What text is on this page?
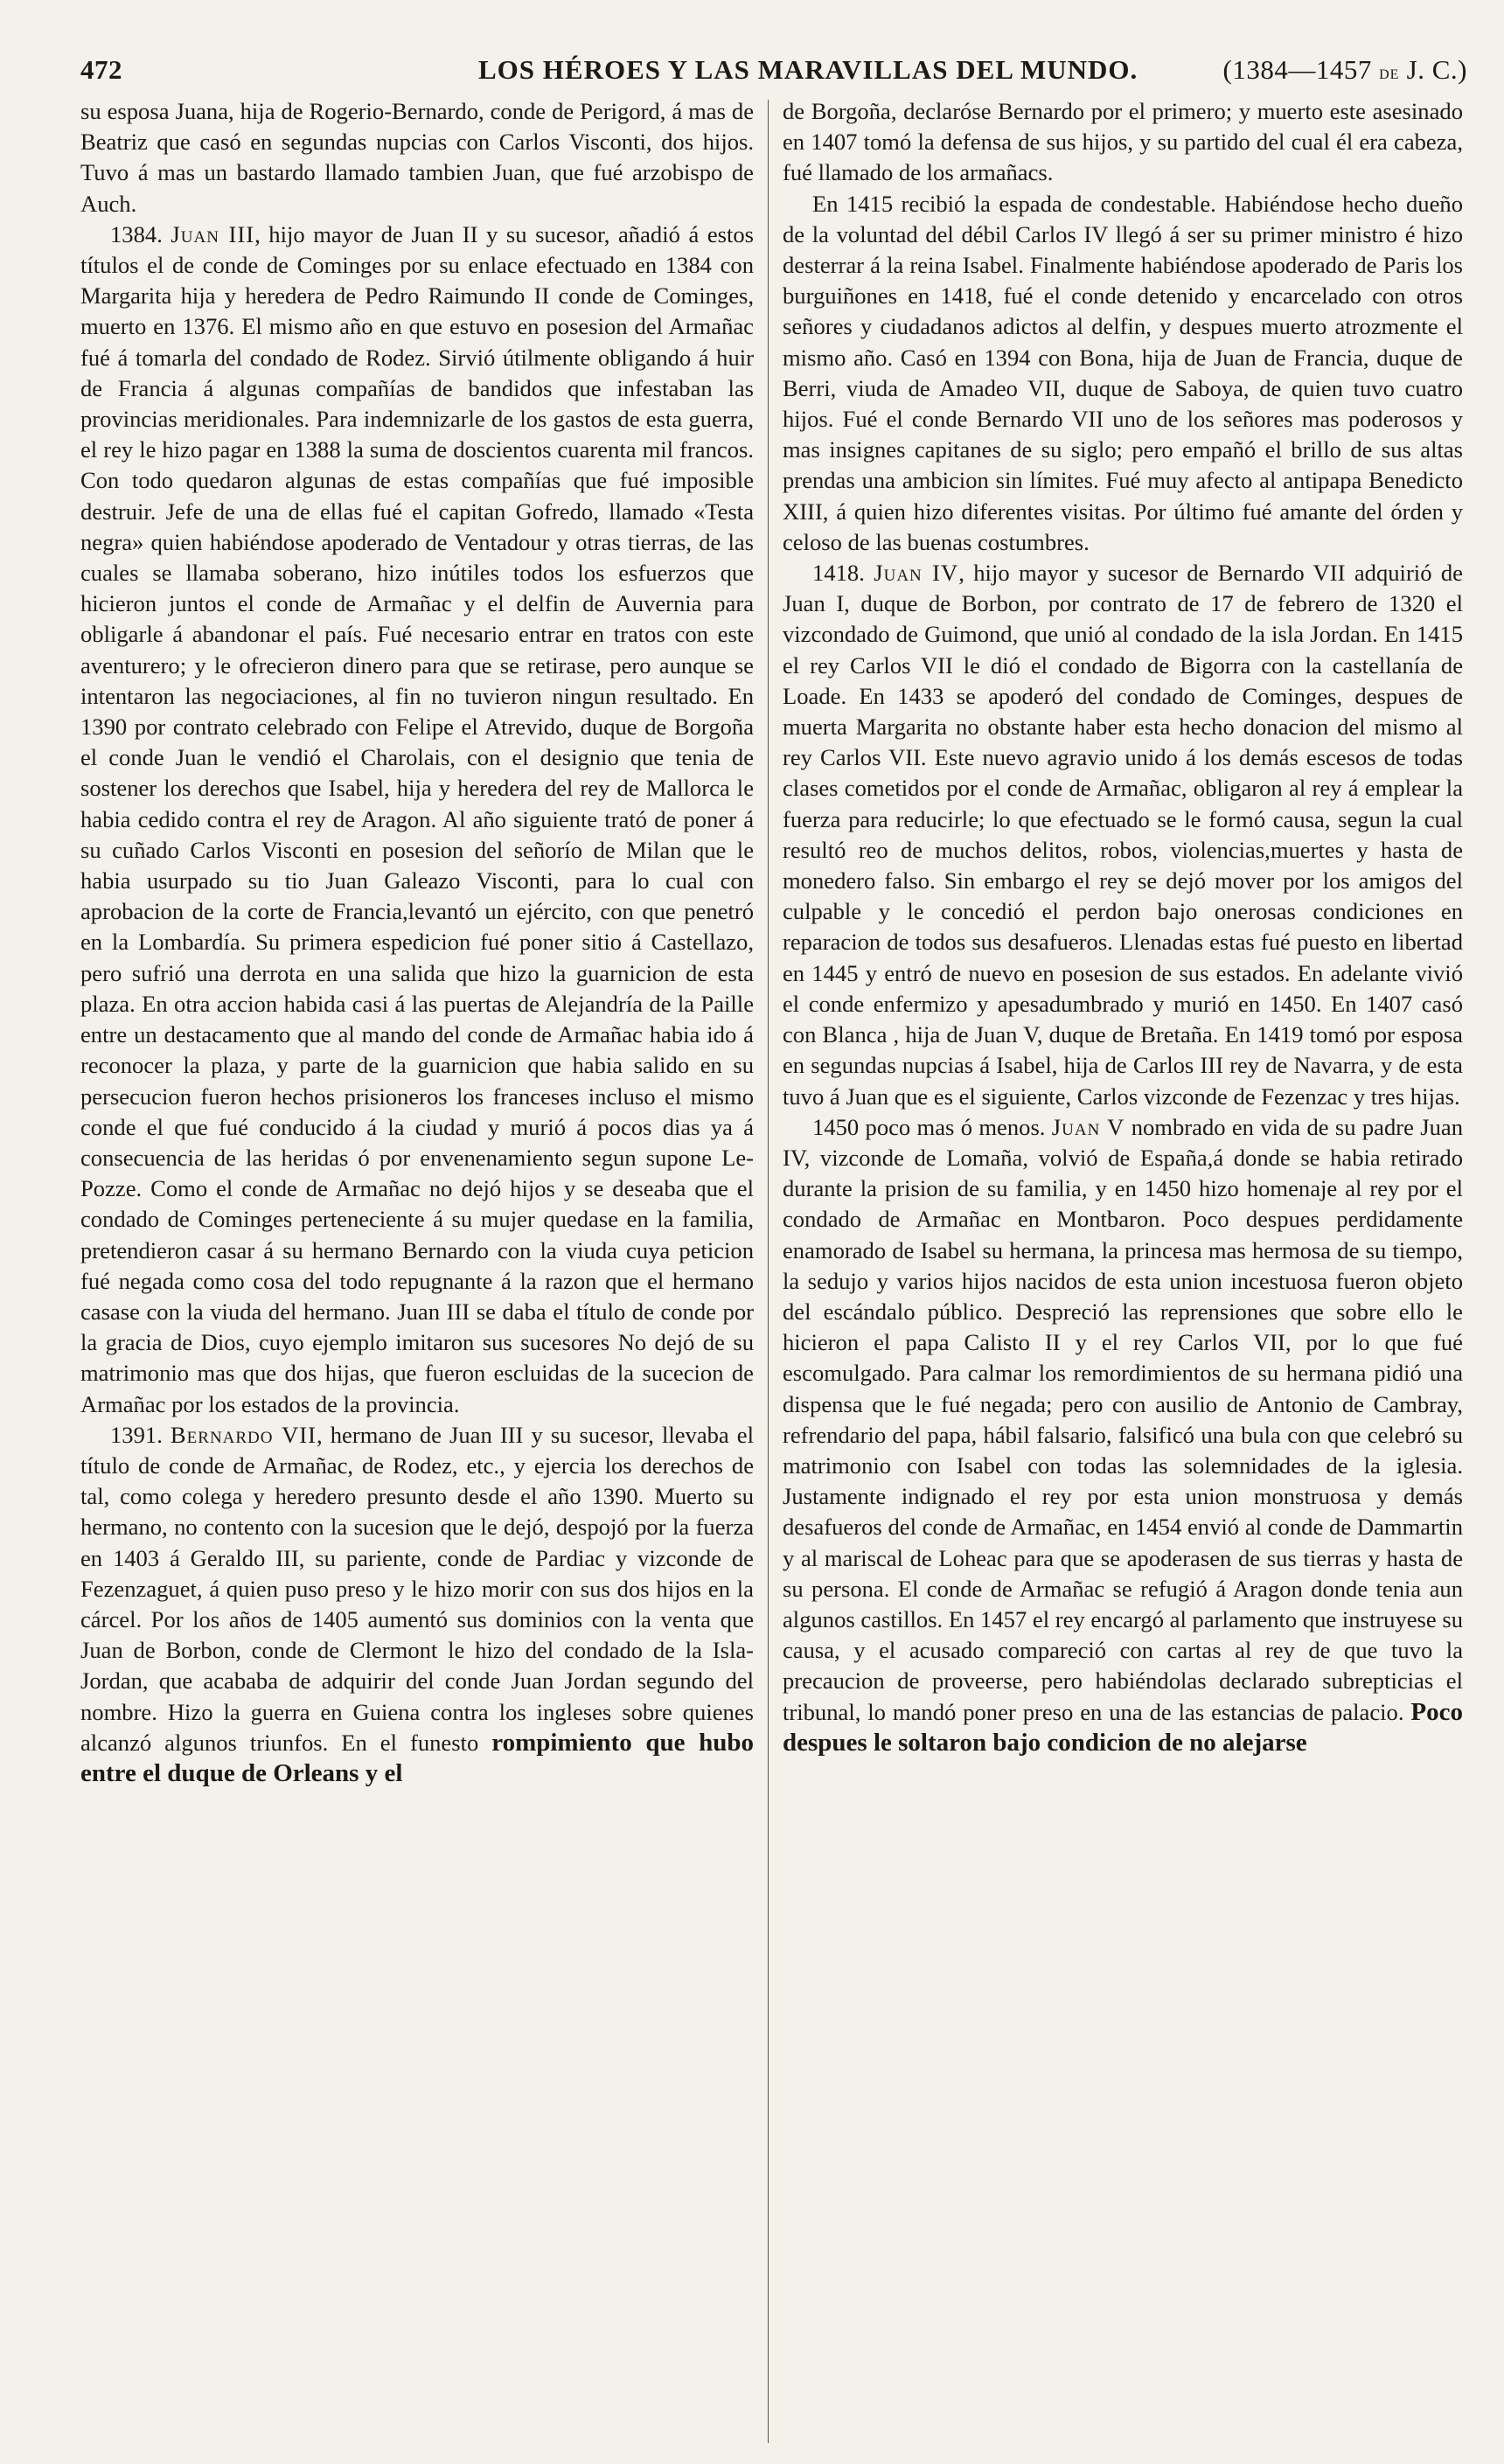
472	LOS HÉROES Y LAS MARAVILLAS DEL MUNDO.	(1384—1457 de J. C.)

su esposa Juana, hija de Rogerio-Bernardo, conde de Perigord, á mas de Beatriz que casó en segundas nupcias con Carlos Visconti, dos hijos. Tuvo á mas un bastardo llamado tambien Juan, que fué arzobispo de Auch.

1384. Juan III, hijo mayor de Juan II y su sucesor, añadió á estos títulos el de conde de Cominges por su enlace efectuado en 1384 con Margarita hija y heredera de Pedro Raimundo II conde de Cominges, muerto en 1376. El mismo año en que estuvo en posesion del Armañac fué á tomarla del condado de Rodez. Sirvió útilmente obligando á huir de Francia á algunas compañías de bandidos que infestaban las provincias meridionales. Para indemnizarle de los gastos de esta guerra, el rey le hizo pagar en 1388 la suma de doscientos cuarenta mil francos. Con todo quedaron algunas de estas compañías que fué imposible destruir. Jefe de una de ellas fué el capitan Gofredo, llamado «Testa negra» quien habiéndose apoderado de Ventadour y otras tierras, de las cuales se llamaba soberano, hizo inútiles todos los esfuerzos que hicieron juntos el conde de Armañac y el delfin de Auvernia para obligarle á abandonar el país. Fué necesario entrar en tratos con este aventurero; y le ofrecieron dinero para que se retirase, pero aunque se intentaron las negociaciones, al fin no tuvieron ningun resultado. En 1390 por contrato celebrado con Felipe el Atrevido, duque de Borgoña el conde Juan le vendió el Charolais, con el designio que tenia de sostener los derechos que Isabel, hija y heredera del rey de Mallorca le habia cedido contra el rey de Aragon. Al año siguiente trató de poner á su cuñado Carlos Visconti en posesion del señorío de Milan que le habia usurpado su tio Juan Galeazo Visconti, para lo cual con aprobacion de la corte de Francia,levantó un ejército, con que penetró en la Lombardía. Su primera espedicion fué poner sitio á Castellazo, pero sufrió una derrota en una salida que hizo la guarnicion de esta plaza. En otra accion habida casi á las puertas de Alejandría de la Paille entre un destacamento que al mando del conde de Armañac habia ido á reconocer la plaza, y parte de la guarnicion que habia salido en su persecucion fueron hechos prisioneros los franceses incluso el mismo conde el que fué conducido á la ciudad y murió á pocos dias ya á consecuencia de las heridas ó por envenenamiento segun supone Le-Pozze. Como el conde de Armañac no dejó hijos y se deseaba que el condado de Cominges perteneciente á su mujer quedase en la familia, pretendieron casar á su hermano Bernardo con la viuda cuya peticion fué negada como cosa del todo repugnante á la razon que el hermano casase con la viuda del hermano. Juan III se daba el título de conde por la gracia de Dios, cuyo ejemplo imitaron sus sucesores No dejó de su matrimonio mas que dos hijas, que fueron escluidas de la sucecion de Armañac por los estados de la provincia.

1391. Bernardo VII, hermano de Juan III y su sucesor, llevaba el título de conde de Armañac, de Rodez, etc., y ejercia los derechos de tal, como colega y heredero presunto desde el año 1390. Muerto su hermano, no contento con la sucesion que le dejó, despojó por la fuerza en 1403 á Geraldo III, su pariente, conde de Pardiac y vizconde de Fezenzaguet, á quien puso preso y le hizo morir con sus dos hijos en la cárcel. Por los años de 1405 aumentó sus dominios con la venta que Juan de Borbon, conde de Clermont le hizo del condado de la Isla-Jordan, que acababa de adquirir del conde Juan Jordan segundo del nombre. Hizo la guerra en Guiena contra los ingleses sobre quienes alcanzó algunos triunfos. En el funesto rompimiento que hubo entre el duque de Orleans y el

de Borgoña, declaróse Bernardo por el primero; y muerto este asesinado en 1407 tomó la defensa de sus hijos, y su partido del cual él era cabeza, fué llamado de los armañacs.

En 1415 recibió la espada de condestable. Habiéndose hecho dueño de la voluntad del débil Carlos IV llegó á ser su primer ministro é hizo desterrar á la reina Isabel. Finalmente habiéndose apoderado de Paris los burguiñones en 1418, fué el conde detenido y encarcelado con otros señores y ciudadanos adictos al delfin, y despues muerto atrozmente el mismo año. Casó en 1394 con Bona, hija de Juan de Francia, duque de Berri, viuda de Amadeo VII, duque de Saboya, de quien tuvo cuatro hijos. Fué el conde Bernardo VII uno de los señores mas poderosos y mas insignes capitanes de su siglo; pero empañó el brillo de sus altas prendas una ambicion sin límites. Fué muy afecto al antipapa Benedicto XIII, á quien hizo diferentes visitas. Por último fué amante del órden y celoso de las buenas costumbres.

1418. Juan IV, hijo mayor y sucesor de Bernardo VII adquirió de Juan I, duque de Borbon, por contrato de 17 de febrero de 1320 el vizcondado de Guimond, que unió al condado de la isla Jordan. En 1415 el rey Carlos VII le dió el condado de Bigorra con la castellanía de Loade. En 1433 se apoderó del condado de Cominges, despues de muerta Margarita no obstante haber esta hecho donacion del mismo al rey Carlos VII. Este nuevo agravio unido á los demás escesos de todas clases cometidos por el conde de Armañac, obligaron al rey á emplear la fuerza para reducirle; lo que efectuado se le formó causa, segun la cual resultó reo de muchos delitos, robos, violencias,muertes y hasta de monedero falso. Sin embargo el rey se dejó mover por los amigos del culpable y le concedió el perdon bajo onerosas condiciones en reparacion de todos sus desafueros. Llenadas estas fué puesto en libertad en 1445 y entró de nuevo en posesion de sus estados. En adelante vivió el conde enfermizo y apesadumbrado y murió en 1450. En 1407 casó con Blanca , hija de Juan V, duque de Bretaña. En 1419 tomó por esposa en segundas nupcias á Isabel, hija de Carlos III rey de Navarra, y de esta tuvo á Juan que es el siguiente, Carlos vizconde de Fezenzac y tres hijas.

1450 poco mas ó menos. Juan V nombrado en vida de su padre Juan IV, vizconde de Lomaña, volvió de España,á donde se habia retirado durante la prision de su familia, y en 1450 hizo homenaje al rey por el condado de Armañac en Montbaron. Poco despues perdidamente enamorado de Isabel su hermana, la princesa mas hermosa de su tiempo, la sedujo y varios hijos nacidos de esta union incestuosa fueron objeto del escándalo público. Despreció las reprensiones que sobre ello le hicieron el papa Calisto II y el rey Carlos VII, por lo que fué escomulgado. Para calmar los remordimientos de su hermana pidió una dispensa que le fué negada; pero con ausilio de Antonio de Cambray, refrendario del papa, hábil falsario, falsificó una bula con que celebró su matrimonio con Isabel con todas las solemnidades de la iglesia. Justamente indignado el rey por esta union monstruosa y demás desafueros del conde de Armañac, en 1454 envió al conde de Dammartin y al mariscal de Loheac para que se apoderasen de sus tierras y hasta de su persona. El conde de Armañac se refugió á Aragon donde tenia aun algunos castillos. En 1457 el rey encargó al parlamento que instruyese su causa, y el acusado compareció con cartas al rey de que tuvo la precaucion de proveerse, pero habiéndolas declarado subrepticias el tribunal, lo mandó poner preso en una de las estancias de palacio. Poco despues le soltaron bajo condicion de no alejarse
